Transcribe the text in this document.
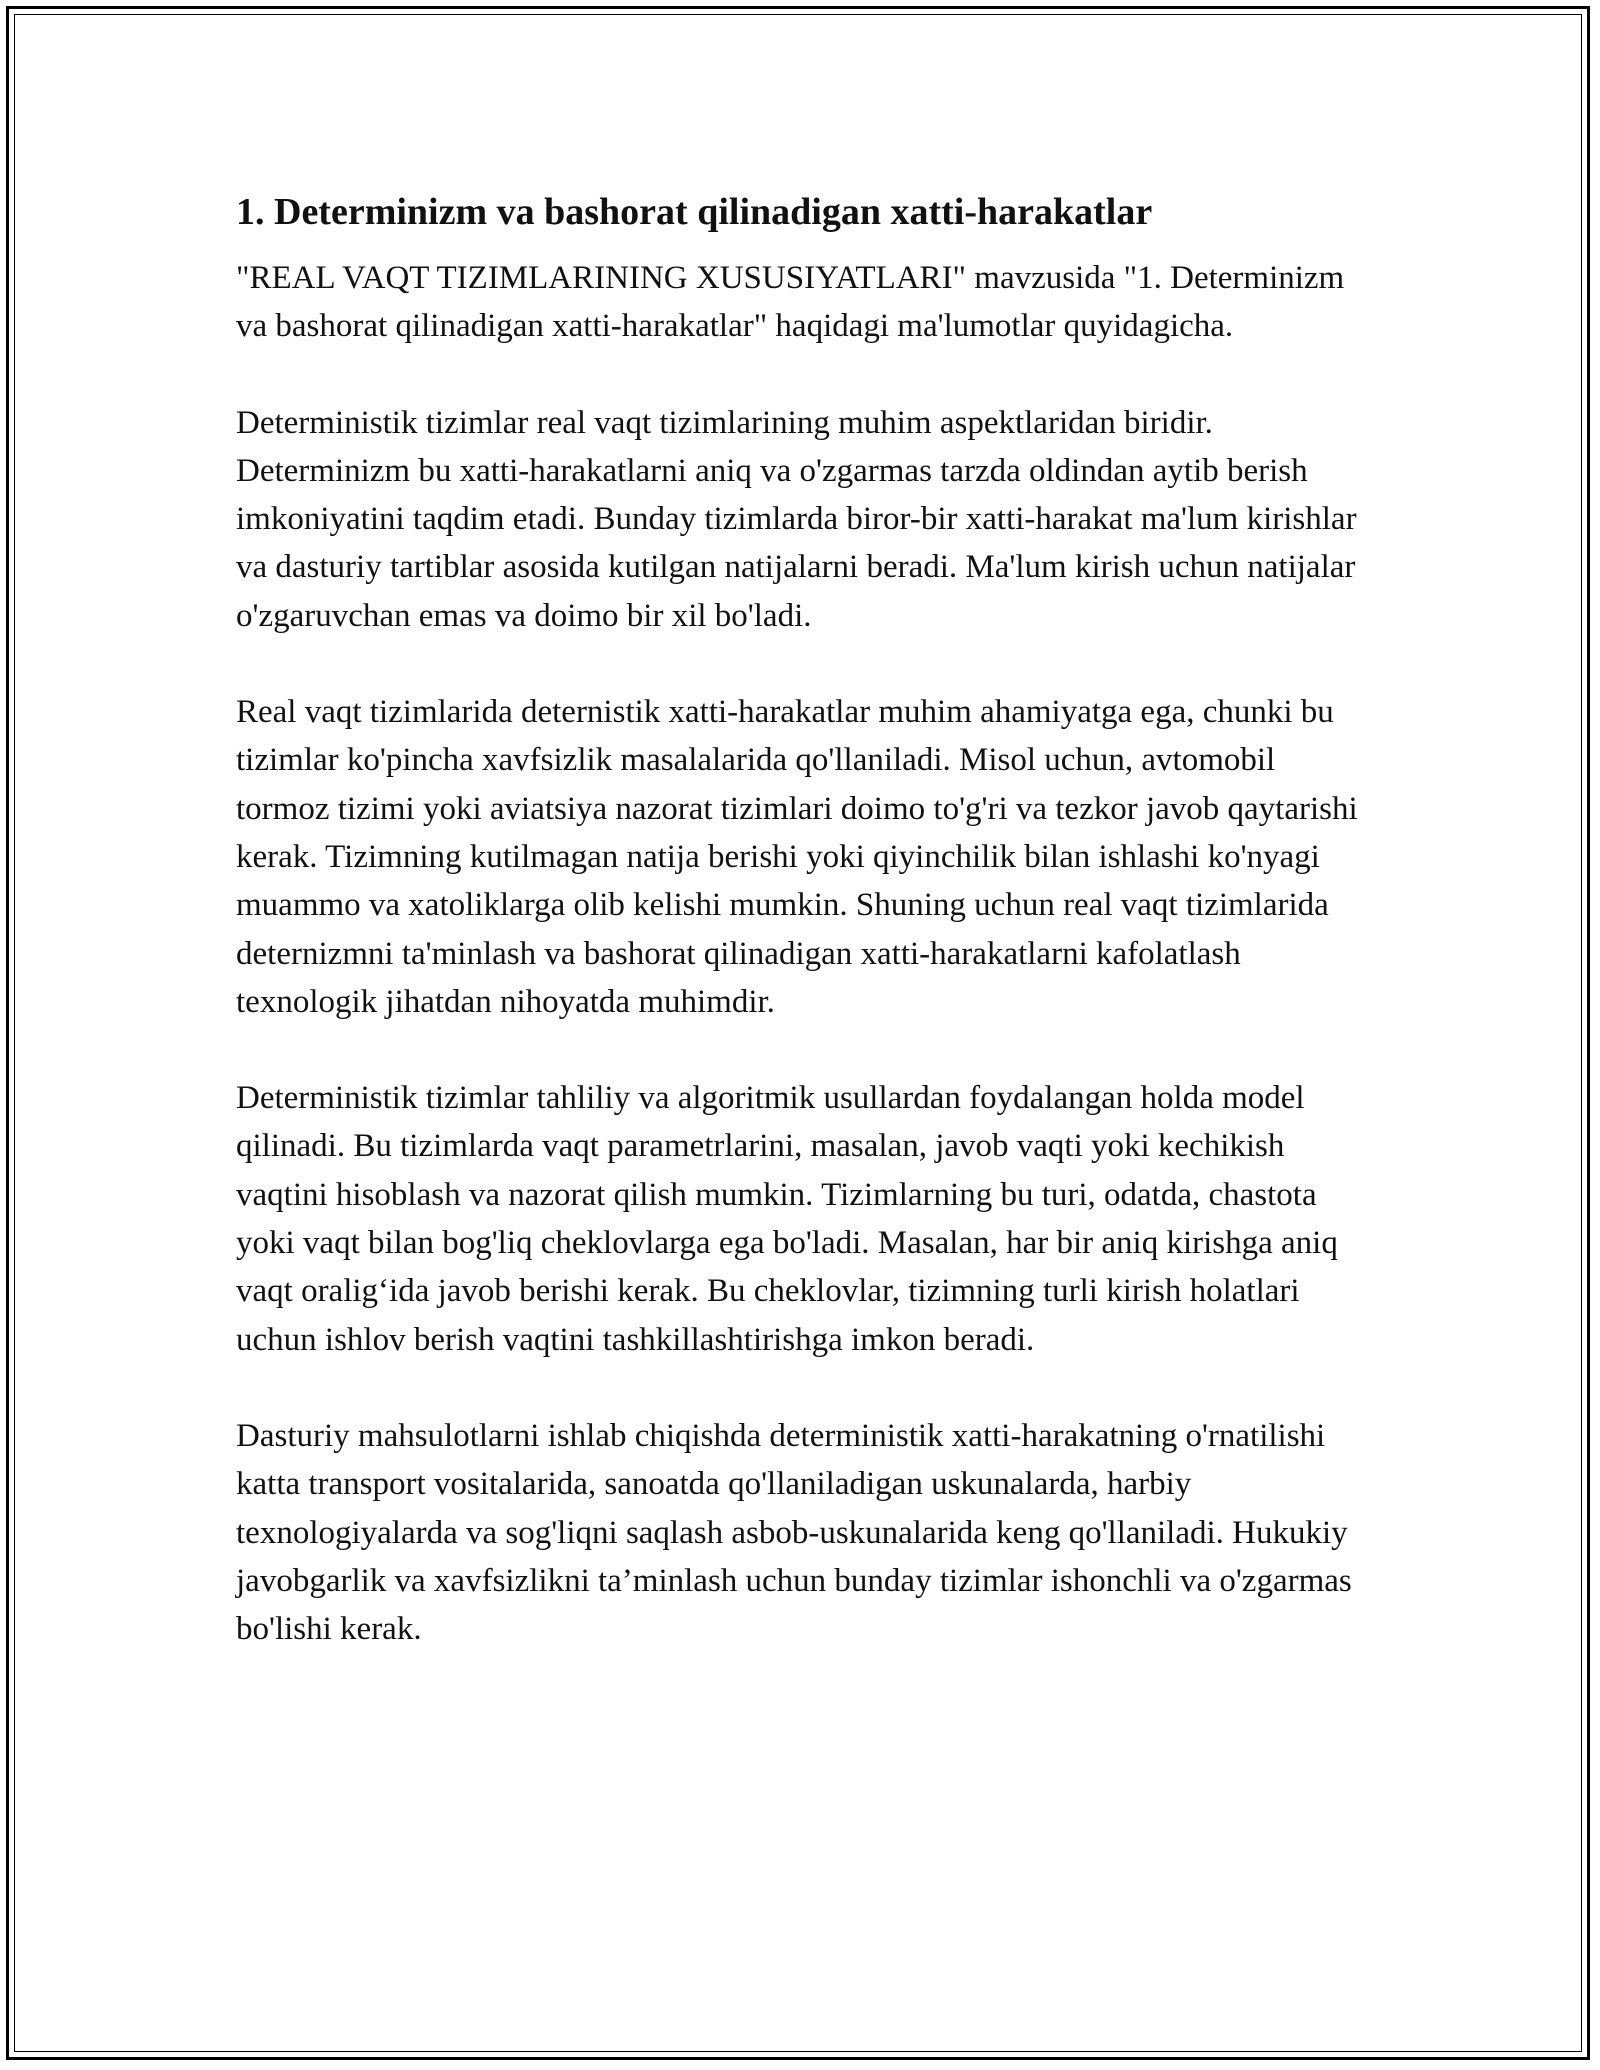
1. Determinizm va bashorat qilinadigan xatti-harakatlar

"REAL VAQT TIZIMLARINING XUSUSIYATLARI" mavzusida "1. Determinizm va bashorat qilinadigan xatti-harakatlar" haqidagi ma'lumotlar quyidagicha.

Deterministik tizimlar real vaqt tizimlarining muhim aspektlaridan biridir. Determinizm bu xatti-harakatlarni aniq va o'zgarmas tarzda oldindan aytib berish imkoniyatini taqdim etadi. Bunday tizimlarda biror-bir xatti-harakat ma'lum kirishlar va dasturiy tartiblar asosida kutilgan natijalarni beradi. Ma'lum kirish uchun natijalar o'zgaruvchan emas va doimo bir xil bo'ladi.

Real vaqt tizimlarida deternistik xatti-harakatlar muhim ahamiyatga ega, chunki bu tizimlar ko'pincha xavfsizlik masalalarida qo'llaniladi. Misol uchun, avtomobil tormoz tizimi yoki aviatsiya nazorat tizimlari doimo to'g'ri va tezkor javob qaytarishi kerak. Tizimning kutilmagan natija berishi yoki qiyinchilik bilan ishlashi ko'nyagi muammo va xatoliklarga olib kelishi mumkin. Shuning uchun real vaqt tizimlarida deternizmni ta'minlash va bashorat qilinadigan xatti-harakatlarni kafolatlash texnologik jihatdan nihoyatda muhimdir.

Deterministik tizimlar tahliliy va algoritmik usullardan foydalangan holda model qilinadi. Bu tizimlarda vaqt parametrlarini, masalan, javob vaqti yoki kechikish vaqtini hisoblash va nazorat qilish mumkin. Tizimlarning bu turi, odatda, chastota yoki vaqt bilan bog'liq cheklovlarga ega bo'ladi. Masalan, har bir aniq kirishga aniq vaqt oralig‘ida javob berishi kerak. Bu cheklovlar, tizimning turli kirish holatlari uchun ishlov berish vaqtini tashkillashtirishga imkon beradi.

Dasturiy mahsulotlarni ishlab chiqishda deterministik xatti-harakatning o'rnatilishi katta transport vositalarida, sanoatda qo'llaniladigan uskunalarda, harbiy texnologiyalarda va sog'liqni saqlash asbob-uskunalarida keng qo'llaniladi. Hukukiy javobgarlik va xavfsizlikni ta’minlash uchun bunday tizimlar ishonchli va o'zgarmas bo'lishi kerak.
